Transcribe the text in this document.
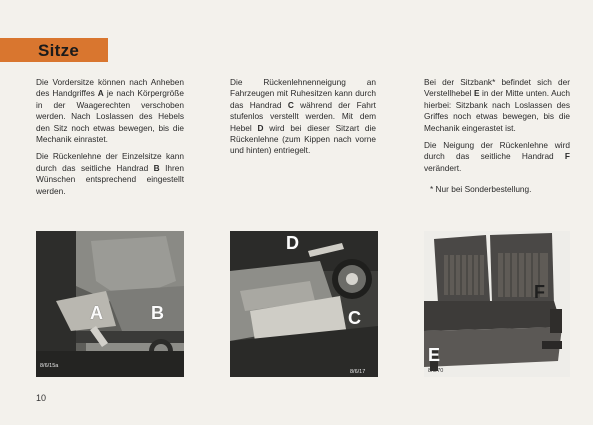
Sitze

Die Vordersitze können nach Anheben des Handgriffes A je nach Körpergröße in der Waagerechten verschoben werden. Nach Loslassen des Hebels den Sitz noch etwas bewegen, bis die Mechanik einrastet.

Die Rückenlehne der Einzelsitze kann durch das seitliche Handrad B Ihren Wünschen entsprechend eingestellt werden.

Die Rückenlehnenneigung an Fahrzeugen mit Ruhesitzen kann durch das Handrad C während der Fahrt stufenlos verstellt werden. Mit dem Hebel D wird bei dieser Sitzart die Rückenlehne (zum Kippen nach vorne und hinten) entriegelt.

Bei der Sitzbank* befindet sich der Verstellhebel E in der Mitte unten. Auch hierbei: Sitzbank nach Loslassen des Griffes noch etwas bewegen, bis die Mechanik eingerastet ist.

Die Neigung der Rückenlehne wird durch das seitliche Handrad F verändert.

* Nur bei Sonderbestellung.

A	B
8/6/15a
D
C
8/6/17
F
E
8/6/70
10
